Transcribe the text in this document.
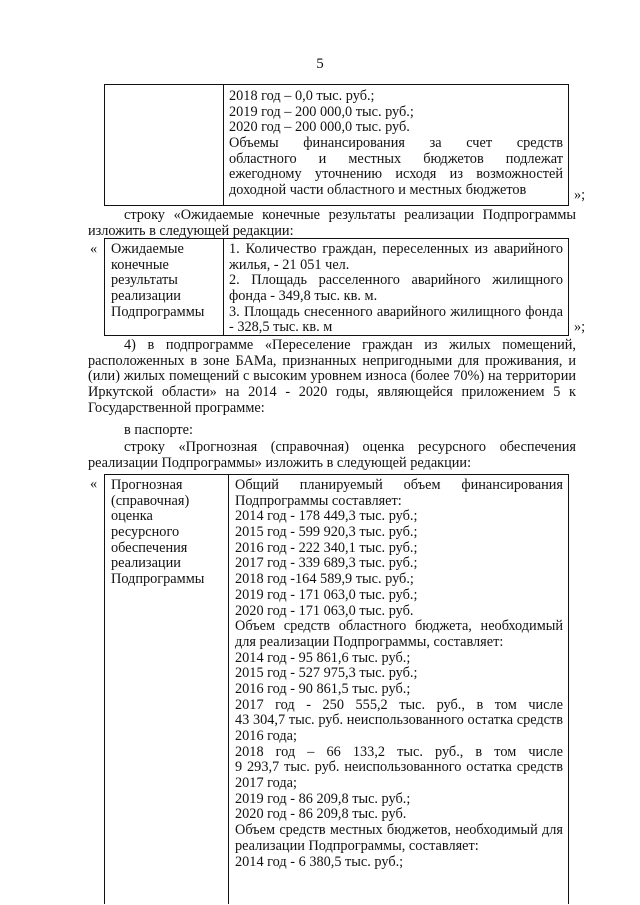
5
2018 год – 0,0 тыс. руб.;
2019 год – 200 000,0 тыс. руб.;
2020 год – 200 000,0 тыс. руб.
Объемы финансирования за счет средств
областного и местных бюджетов подлежат
ежегодному уточнению исходя из возможностей
доходной части областного и местных бюджетов	»;
строку «Ожидаемые конечные результаты реализации Подпрограммы
изложить в следующей редакции:
« Ожидаемые
конечные
результаты
реализации
Подпрограммы
1. Количество граждан, переселенных из аварийного
жилья, - 21 051 чел.
2. Площадь расселенного аварийного жилищного
фонда - 349,8 тыс. кв. м.
3. Площадь снесенного аварийного жилищного фонда
- 328,5 тыс. кв. м	»;
4) в подпрограмме «Переселение граждан из жилых помещений,
расположенных в зоне БАМа, признанных непригодными для проживания, и
(или) жилых помещений с высоким уровнем износа (более 70%) на территории
Иркутской области» на 2014 - 2020 годы, являющейся приложением 5 к
Государственной программе:
в паспорте:
строку «Прогнозная (справочная) оценка ресурсного обеспечения
реализации Подпрограммы» изложить в следующей редакции:
« Прогнозная
(справочная)
оценка
ресурсного
обеспечения
реализации
Подпрограммы
Общий планируемый объем финансирования
Подпрограммы составляет:
2014 год - 178 449,3 тыс. руб.;
2015 год - 599 920,3 тыс. руб.;
2016 год - 222 340,1 тыс. руб.;
2017 год - 339 689,3 тыс. руб.;
2018 год -164 589,9 тыс. руб.;
2019 год - 171 063,0 тыс. руб.;
2020 год - 171 063,0 тыс. руб.
Объем средств областного бюджета, необходимый
для реализации Подпрограммы, составляет:
2014 год - 95 861,6 тыс. руб.;
2015 год - 527 975,3 тыс. руб.;
2016 год - 90 861,5 тыс. руб.;
2017 год - 250 555,2 тыс. руб., в том числе
43 304,7 тыс. руб. неиспользованного остатка средств
2016 года;
2018 год – 66 133,2 тыс. руб., в том числе
9 293,7 тыс. руб. неиспользованного остатка средств
2017 года;
2019 год - 86 209,8 тыс. руб.;
2020 год - 86 209,8 тыс. руб.
Объем средств местных бюджетов, необходимый для
реализации Подпрограммы, составляет:
2014 год - 6 380,5 тыс. руб.;
